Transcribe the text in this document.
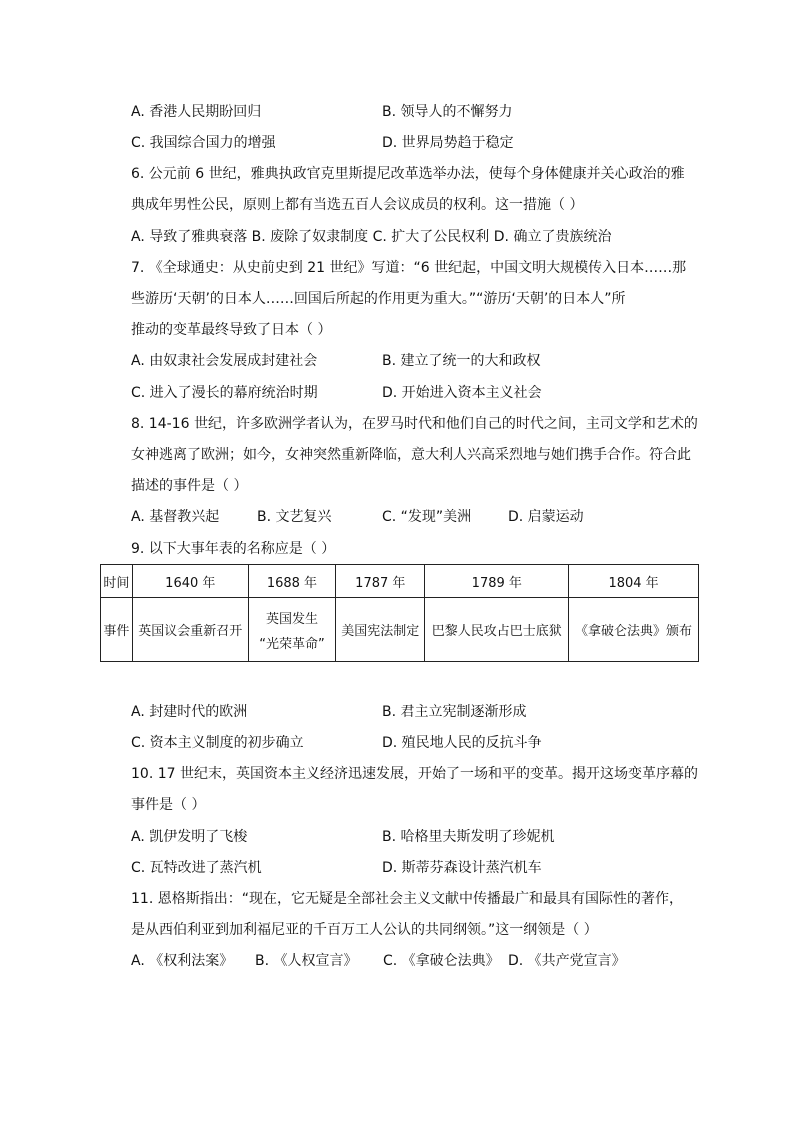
A. 香港人民期盼回归	B. 领导人的不懈努力
C. 我国综合国力的增强	D. 世界局势趋于稳定
6. 公元前 6 世纪，雅典执政官克里斯提尼改革选举办法，使每个身体健康并关心政治的雅
典成年男性公民，原则上都有当选五百人会议成员的权利。这一措施（ ）
A. 导致了雅典衰落 B. 废除了奴隶制度 C. 扩大了公民权利 D. 确立了贵族统治
7. 《全球通史：从史前史到 21 世纪》写道：“6 世纪起，中国文明大规模传入日本……那
些游历‘天朝’的日本人……回国后所起的作用更为重大。”“游历‘天朝’的日本人”所
推动的变革最终导致了日本（ ）
A. 由奴隶社会发展成封建社会	B. 建立了统一的大和政权
C. 进入了漫长的幕府统治时期	D. 开始进入资本主义社会
8. 14-16 世纪，许多欧洲学者认为，在罗马时代和他们自己的时代之间，主司文学和艺术的
女神逃离了欧洲；如今，女神突然重新降临，意大利人兴高采烈地与她们携手合作。符合此
描述的事件是（ ）
A. 基督教兴起	B. 文艺复兴	C. “发现”美洲	D. 启蒙运动
9. 以下大事年表的名称应是（ ）
时间	1640 年	1688 年	1787 年	1789 年	1804 年
事件	英国议会重新召开	英国发生
“光荣革命”	美国宪法制定	巴黎人民攻占巴士底狱	《拿破仑法典》颁布
A. 封建时代的欧洲	B. 君主立宪制逐渐形成
C. 资本主义制度的初步确立	D. 殖民地人民的反抗斗争
10. 17 世纪末，英国资本主义经济迅速发展，开始了一场和平的变革。揭开这场变革序幕的
事件是（ ）
A. 凯伊发明了飞梭	B. 哈格里夫斯发明了珍妮机
C. 瓦特改进了蒸汽机	D. 斯蒂芬森设计蒸汽机车
11. 恩格斯指出：“现在，它无疑是全部社会主义文献中传播最广和最具有国际性的著作，
是从西伯利亚到加利福尼亚的千百万工人公认的共同纲领。”这一纲领是（ ）
A. 《权利法案》 B. 《人权宣言》 C. 《拿破仑法典》 D. 《共产党宣言》
